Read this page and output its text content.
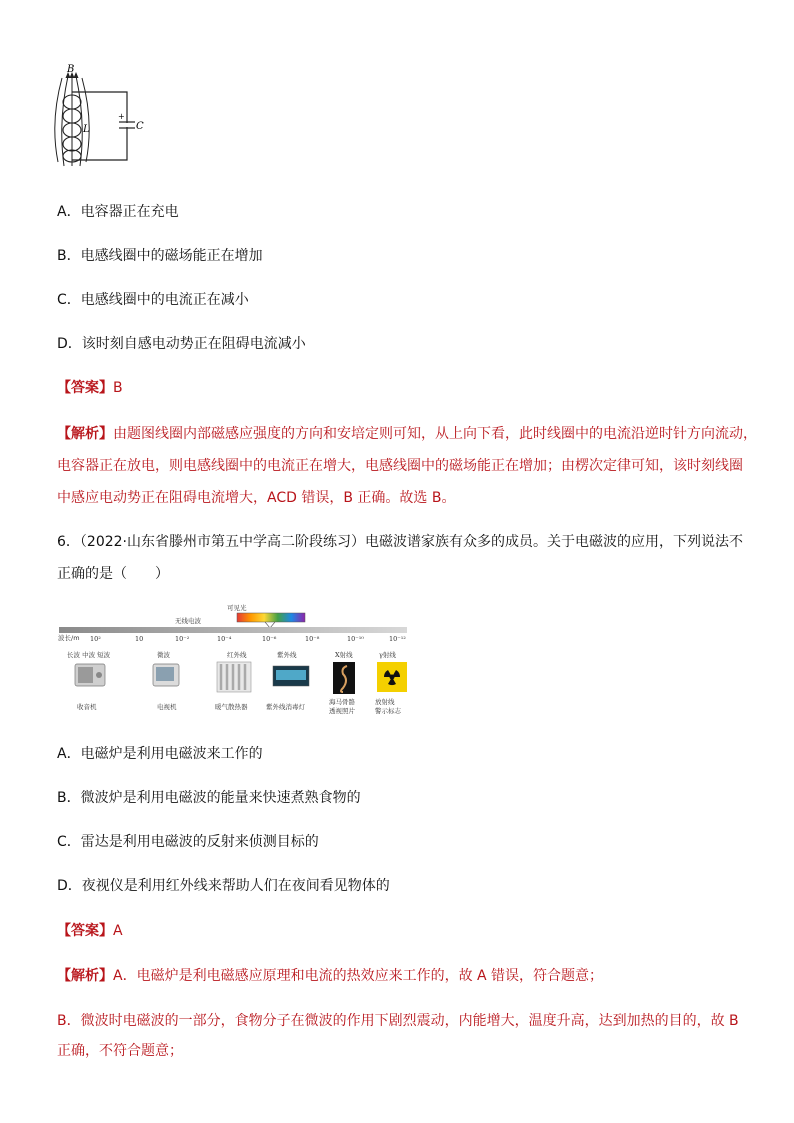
B
L
+
C
A．电容器正在充电
B．电感线圈中的磁场能正在增加
C．电感线圈中的电流正在减小
D．该时刻自感电动势正在阻碍电流减小
【答案】B
【解析】由题图线圈内部磁感应强度的方向和安培定则可知，从上向下看，此时线圈中的电流沿逆时针方向流动，
电容器正在放电，则电感线圈中的电流正在增大，电感线圈中的磁场能正在增加；由楞次定律可知，该时刻线圈
中感应电动势正在阻碍电流增大，ACD 错误，B 正确。故选 B。
6．（2022·山东省滕州市第五中学高二阶段练习）电磁波谱家族有众多的成员。关于电磁波的应用，下列说法不
正确的是（　　）
可见光
无线电波
波长/m 10²	10	10⁻²	10⁻⁴	10⁻⁶	10⁻⁸	10⁻¹⁰	10⁻¹²
长波 中波 短波	微波	红外线	紫外线	X射线	γ射线
收音机	电视机	暖气散热器	紫外线消毒灯
海马骨骼透视照片
放射线警示标志
A．电磁炉是利用电磁波来工作的
B．微波炉是利用电磁波的能量来快速煮熟食物的
C．雷达是利用电磁波的反射来侦测目标的
D．夜视仪是利用红外线来帮助人们在夜间看见物体的
【答案】A
【解析】A．电磁炉是利电磁感应原理和电流的热效应来工作的，故 A 错误，符合题意；
B．微波时电磁波的一部分，食物分子在微波的作用下剧烈震动，内能增大，温度升高，达到加热的目的，故 B
正确，不符合题意；
